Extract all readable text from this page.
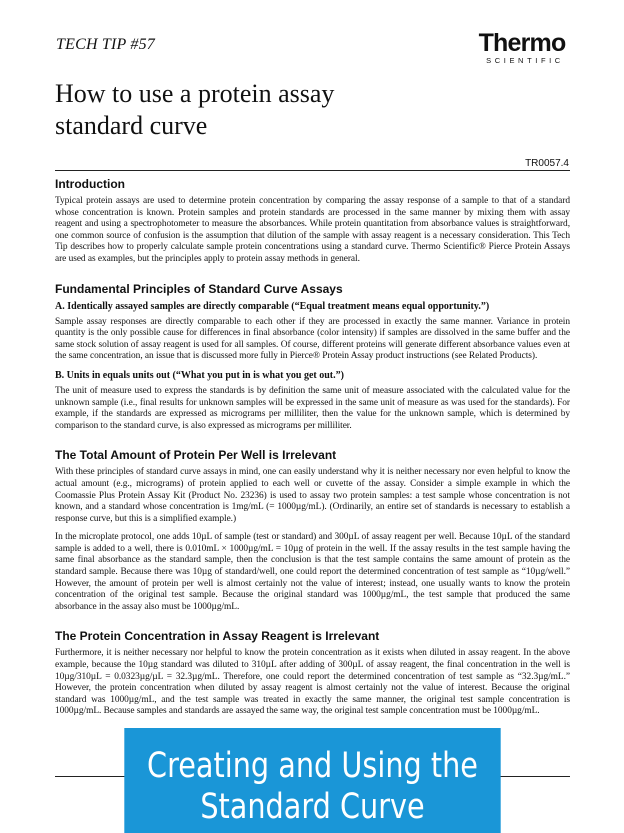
TECH TIP #57	Thermo
SCIENTIFIC
How to use a protein assay
standard curve
TR0057.4
Introduction

Typical protein assays are used to determine protein concentration by comparing the assay response of a sample to that of a standard whose concentration is known. Protein samples and protein standards are processed in the same manner by mixing them with assay reagent and using a spectrophotometer to measure the absorbances. While protein quantitation from absorbance values is straightforward, one common source of confusion is the assumption that dilution of the sample with assay reagent is a necessary consideration. This Tech Tip describes how to properly calculate sample protein concentrations using a standard curve. Thermo Scientific® Pierce Protein Assays are used as examples, but the principles apply to protein assay methods in general.

Fundamental Principles of Standard Curve Assays
A. Identically assayed samples are directly comparable (“Equal treatment means equal opportunity.”)

Sample assay responses are directly comparable to each other if they are processed in exactly the same manner. Variance in protein quantity is the only possible cause for differences in final absorbance (color intensity) if samples are dissolved in the same buffer and the same stock solution of assay reagent is used for all samples. Of course, different proteins will generate different absorbance values even at the same concentration, an issue that is discussed more fully in Pierce® Protein Assay product instructions (see Related Products).

B. Units in equals units out (“What you put in is what you get out.”)

The unit of measure used to express the standards is by definition the same unit of measure associated with the calculated value for the unknown sample (i.e., final results for unknown samples will be expressed in the same unit of measure as was used for the standards). For example, if the standards are expressed as micrograms per milliliter, then the value for the unknown sample, which is determined by comparison to the standard curve, is also expressed as micrograms per milliliter.

The Total Amount of Protein Per Well is Irrelevant

With these principles of standard curve assays in mind, one can easily understand why it is neither necessary nor even helpful to know the actual amount (e.g., micrograms) of protein applied to each well or cuvette of the assay. Consider a simple example in which the Coomassie Plus Protein Assay Kit (Product No. 23236) is used to assay two protein samples: a test sample whose concentration is not known, and a standard whose concentration is 1mg/mL (= 1000µg/mL). (Ordinarily, an entire set of standards is necessary to establish a response curve, but this is a simplified example.)

In the microplate protocol, one adds 10µL of sample (test or standard) and 300µL of assay reagent per well. Because 10µL of the standard sample is added to a well, there is 0.010mL × 1000µg/mL = 10µg of protein in the well. If the assay results in the test sample having the same final absorbance as the standard sample, then the conclusion is that the test sample contains the same amount of protein as the standard sample. Because there was 10µg of standard/well, one could report the determined concentration of test sample as “10µg/well.” However, the amount of protein per well is almost certainly not the value of interest; instead, one usually wants to know the protein concentration of the original test sample. Because the original standard was 1000µg/mL, the test sample that produced the same absorbance in the assay also must be 1000µg/mL.

The Protein Concentration in Assay Reagent is Irrelevant

Furthermore, it is neither necessary nor helpful to know the protein concentration as it exists when diluted in assay reagent. In the above example, because the 10µg standard was diluted to 310µL after adding of 300µL of assay reagent, the final concentration in the well is 10µg/310µL = 0.0323µg/µL = 32.3µg/mL. Therefore, one could report the determined concentration of test sample as “32.3µg/mL.” However, the protein concentration when diluted by assay reagent is almost certainly not the value of interest. Because the original standard was 1000µg/mL, and the test sample was treated in exactly the same manner, the original test sample concentration is 1000µg/mL. Because samples and standards are assayed the same way, the original test sample concentration must be 1000µg/mL.

Creating and Using the
Standard Curve
